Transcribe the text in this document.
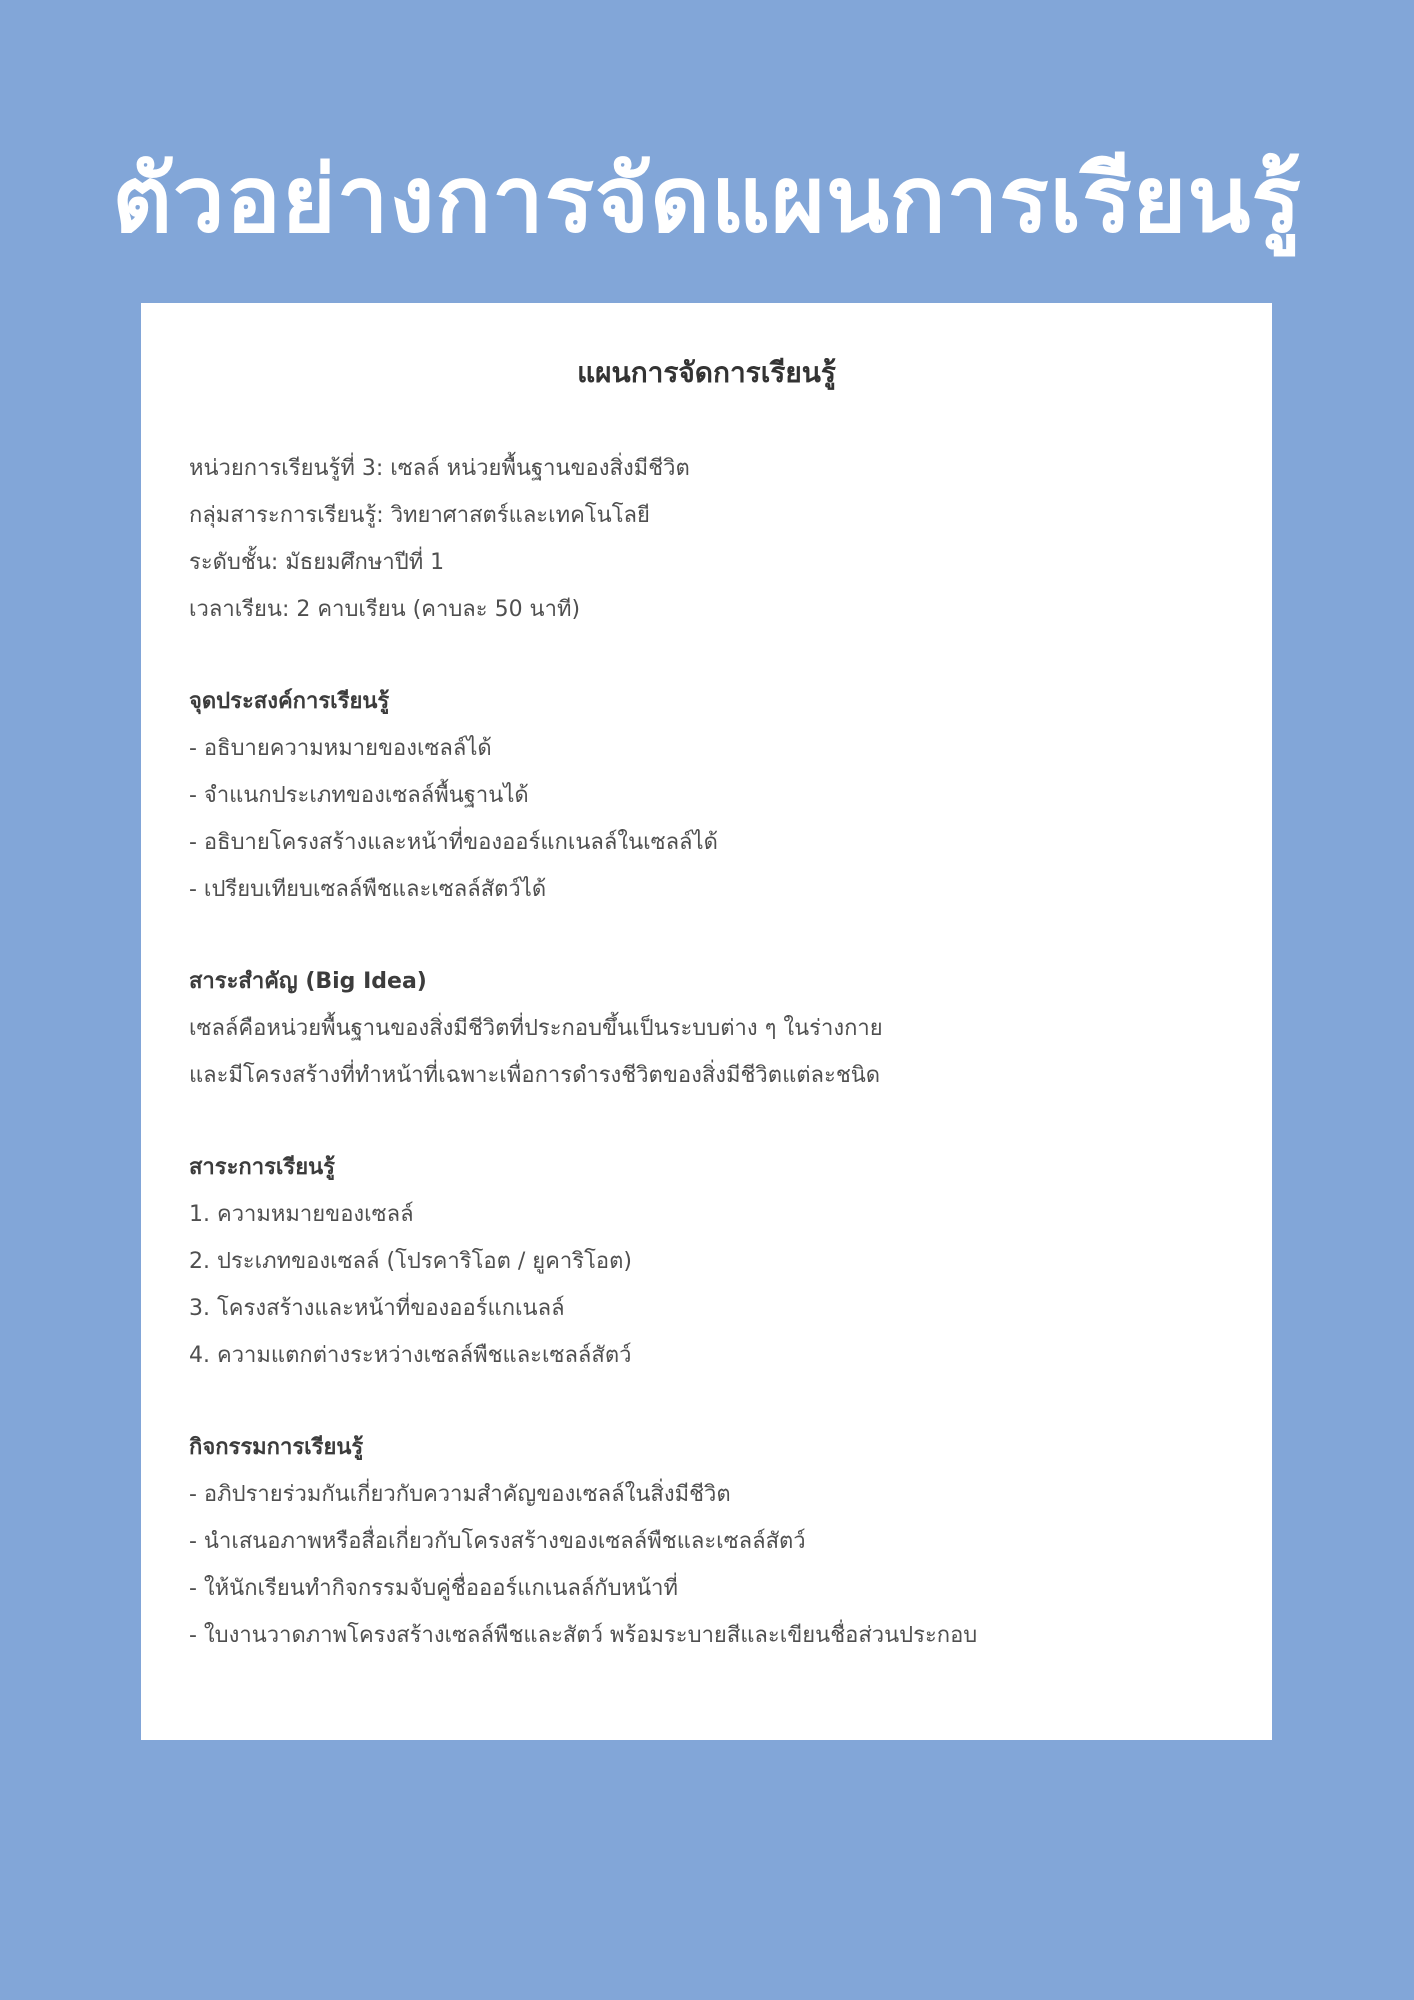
ตัวอย่างการจัดแผนการเรียนรู้
แผนการจัดการเรียนรู้
หน่วยการเรียนรู้ที่ 3: เซลล์ หน่วยพื้นฐานของสิ่งมีชีวิต
กลุ่มสาระการเรียนรู้: วิทยาศาสตร์และเทคโนโลยี
ระดับชั้น: มัธยมศึกษาปีที่ 1
เวลาเรียน: 2 คาบเรียน (คาบละ 50 นาที)
จุดประสงค์การเรียนรู้
- อธิบายความหมายของเซลล์ได้
- จำแนกประเภทของเซลล์พื้นฐานได้
- อธิบายโครงสร้างและหน้าที่ของออร์แกเนลล์ในเซลล์ได้
- เปรียบเทียบเซลล์พืชและเซลล์สัตว์ได้
สาระสำคัญ (Big Idea)
เซลล์คือหน่วยพื้นฐานของสิ่งมีชีวิตที่ประกอบขึ้นเป็นระบบต่าง ๆ ในร่างกาย
และมีโครงสร้างที่ทำหน้าที่เฉพาะเพื่อการดำรงชีวิตของสิ่งมีชีวิตแต่ละชนิด
สาระการเรียนรู้
1. ความหมายของเซลล์
2. ประเภทของเซลล์ (โปรคาริโอต / ยูคาริโอต)
3. โครงสร้างและหน้าที่ของออร์แกเนลล์
4. ความแตกต่างระหว่างเซลล์พืชและเซลล์สัตว์
กิจกรรมการเรียนรู้
- อภิปรายร่วมกันเกี่ยวกับความสำคัญของเซลล์ในสิ่งมีชีวิต
- นำเสนอภาพหรือสื่อเกี่ยวกับโครงสร้างของเซลล์พืชและเซลล์สัตว์
- ให้นักเรียนทำกิจกรรมจับคู่ชื่อออร์แกเนลล์กับหน้าที่
- ใบงานวาดภาพโครงสร้างเซลล์พืชและสัตว์ พร้อมระบายสีและเขียนชื่อส่วนประกอบ
